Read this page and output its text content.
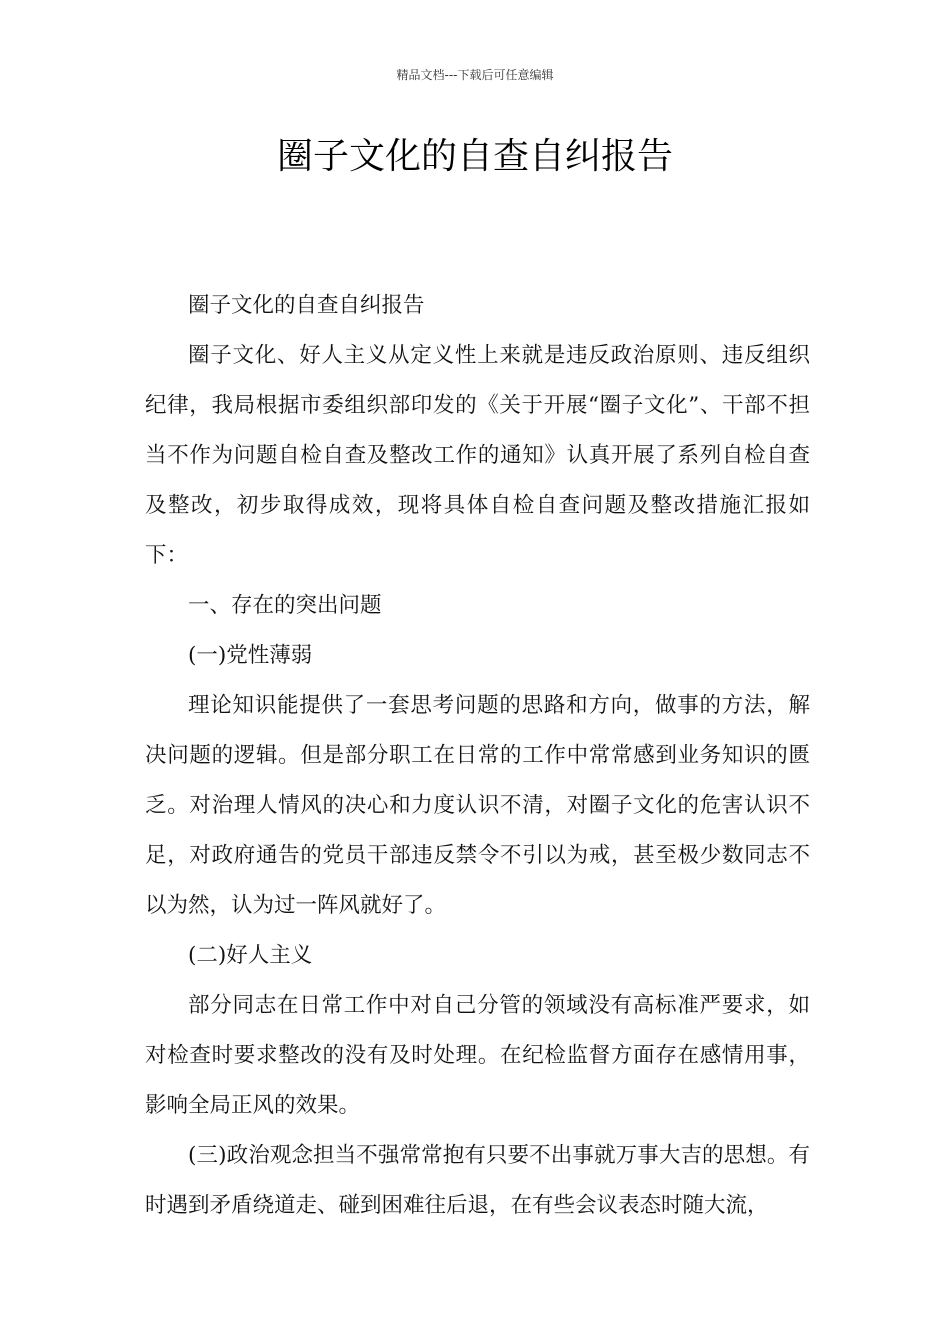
精品文档---下载后可任意编辑
圈子文化的自查自纠报告

圈子文化的自查自纠报告

圈子文化、好人主义从定义性上来就是违反政治原则、违反组织纪律，我局根据市委组织部印发的《关于开展“圈子文化”、干部不担当不作为问题自检自查及整改工作的通知》认真开展了系列自检自查及整改，初步取得成效，现将具体自检自查问题及整改措施汇报如下：

一、存在的突出问题

(一)党性薄弱

理论知识能提供了一套思考问题的思路和方向，做事的方法，解决问题的逻辑。但是部分职工在日常的工作中常常感到业务知识的匮乏。对治理人情风的决心和力度认识不清，对圈子文化的危害认识不足，对政府通告的党员干部违反禁令不引以为戒，甚至极少数同志不以为然，认为过一阵风就好了。

(二)好人主义

部分同志在日常工作中对自己分管的领域没有高标准严要求，如对检查时要求整改的没有及时处理。在纪检监督方面存在感情用事，影响全局正风的效果。

(三)政治观念担当不强常常抱有只要不出事就万事大吉的思想。有时遇到矛盾绕道走、碰到困难往后退，在有些会议表态时随大流，
